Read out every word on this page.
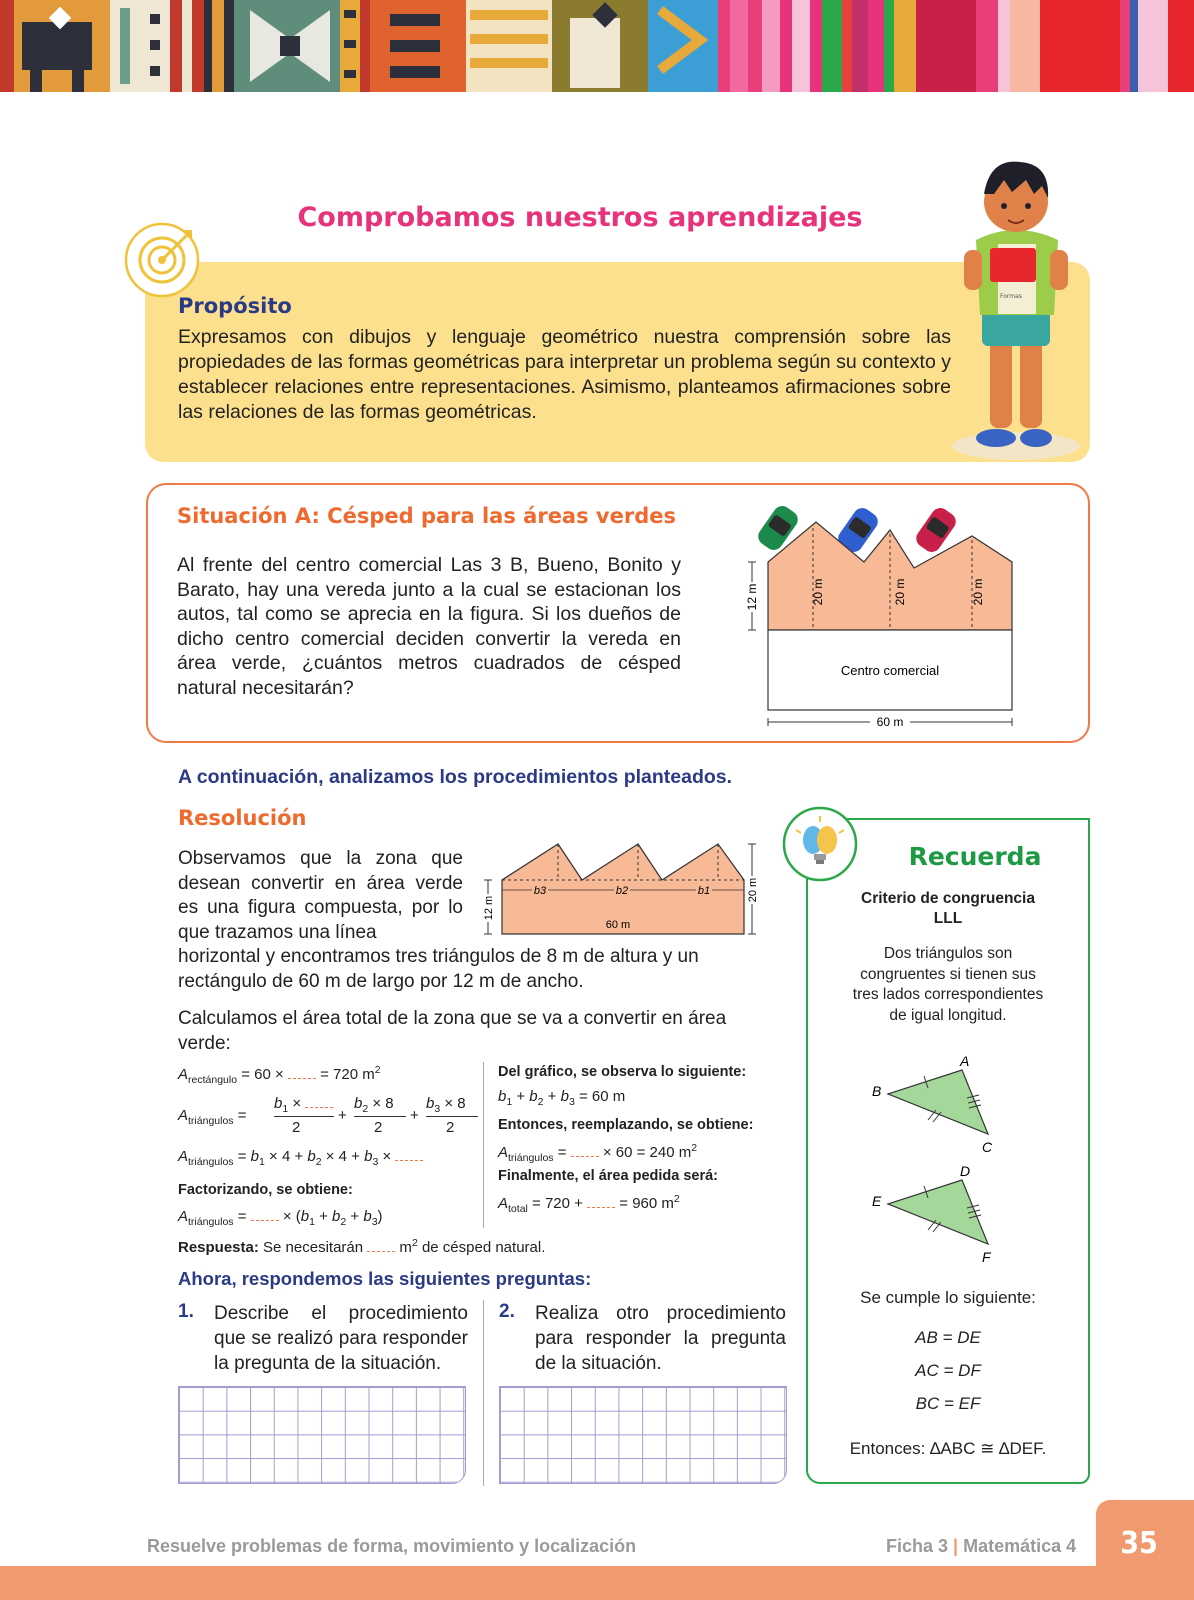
Comprobamos nuestros aprendizajes
Propósito
Expresamos con dibujos y lenguaje geométrico nuestra comprensión sobre las propiedades de las formas geométricas para interpretar un problema según su contexto y establecer relaciones entre representaciones. Asimismo, planteamos afirmaciones sobre las relaciones de las formas geométricas.
Formas
Situación A: Césped para las áreas verdes
Al frente del centro comercial Las 3 B, Bueno, Bonito y Barato, hay una vereda junto a la cual se estacionan los autos, tal como se aprecia en la figura. Si los dueños de dicho centro comercial deciden convertir la vereda en área verde, ¿cuántos metros cuadrados de césped natural necesitarán?
20 m	20 m	20 m
12 m
Centro comercial
60 m
A continuación, analizamos los procedimientos planteados.
Resolución
Observamos que la zona que desean convertir en área verde es una figura compuesta, por lo que trazamos una línea
horizontal y encontramos tres triángulos de 8 m de altura y un rectángulo de 60 m de largo por 12 m de ancho.
Calculamos el área total de la zona que se va a convertir en área verde:
b3	b2	b1
60 m
12 m
20 m
$A_{rectángulo} = 60$ ×  = 720 $m^2$
$A_{triángulos}$ =
$b_1$ ×
2
+
$b_2 \times 8$
2
+
$b_3 \times 8$
2
$A_{triángulos} = b_1 \times 4 + b_2 \times 4 + b_3$ ×
Factorizando, se obtiene:
$A_{triángulos}$ =  × $(b_1 + b_2 + b_3)$
Del gráfico, se observa lo siguiente:
$b_1 + b_2 + b_3 = 60$ m
Entonces, reemplazando, se obtiene:
$A_{triángulos}$ =  × 60 = 240 $m^2$
Finalmente, el área pedida será:
$A_{total} = 720$ +  = 960 $m^2$
Respuesta: Se necesitarán  $m^2$ de césped natural.
Ahora, respondemos las siguientes preguntas:
1. Describe el procedimiento que se realizó para responder la pregunta de la situación.
2. Realiza otro procedimiento para responder la pregunta de la situación.
Recuerda
Criterio de congruencia
LLL
Dos triángulos son congruentes si tienen sus tres lados correspondientes de igual longitud.
A
B
C
D
E
F
Se cumple lo siguiente:
AB = DE
AC = DF
BC = EF
Entonces: ∆ABC ≅ ∆DEF.
35
Resuelve problemas de forma, movimiento y localización	Ficha 3 | Matemática 4
